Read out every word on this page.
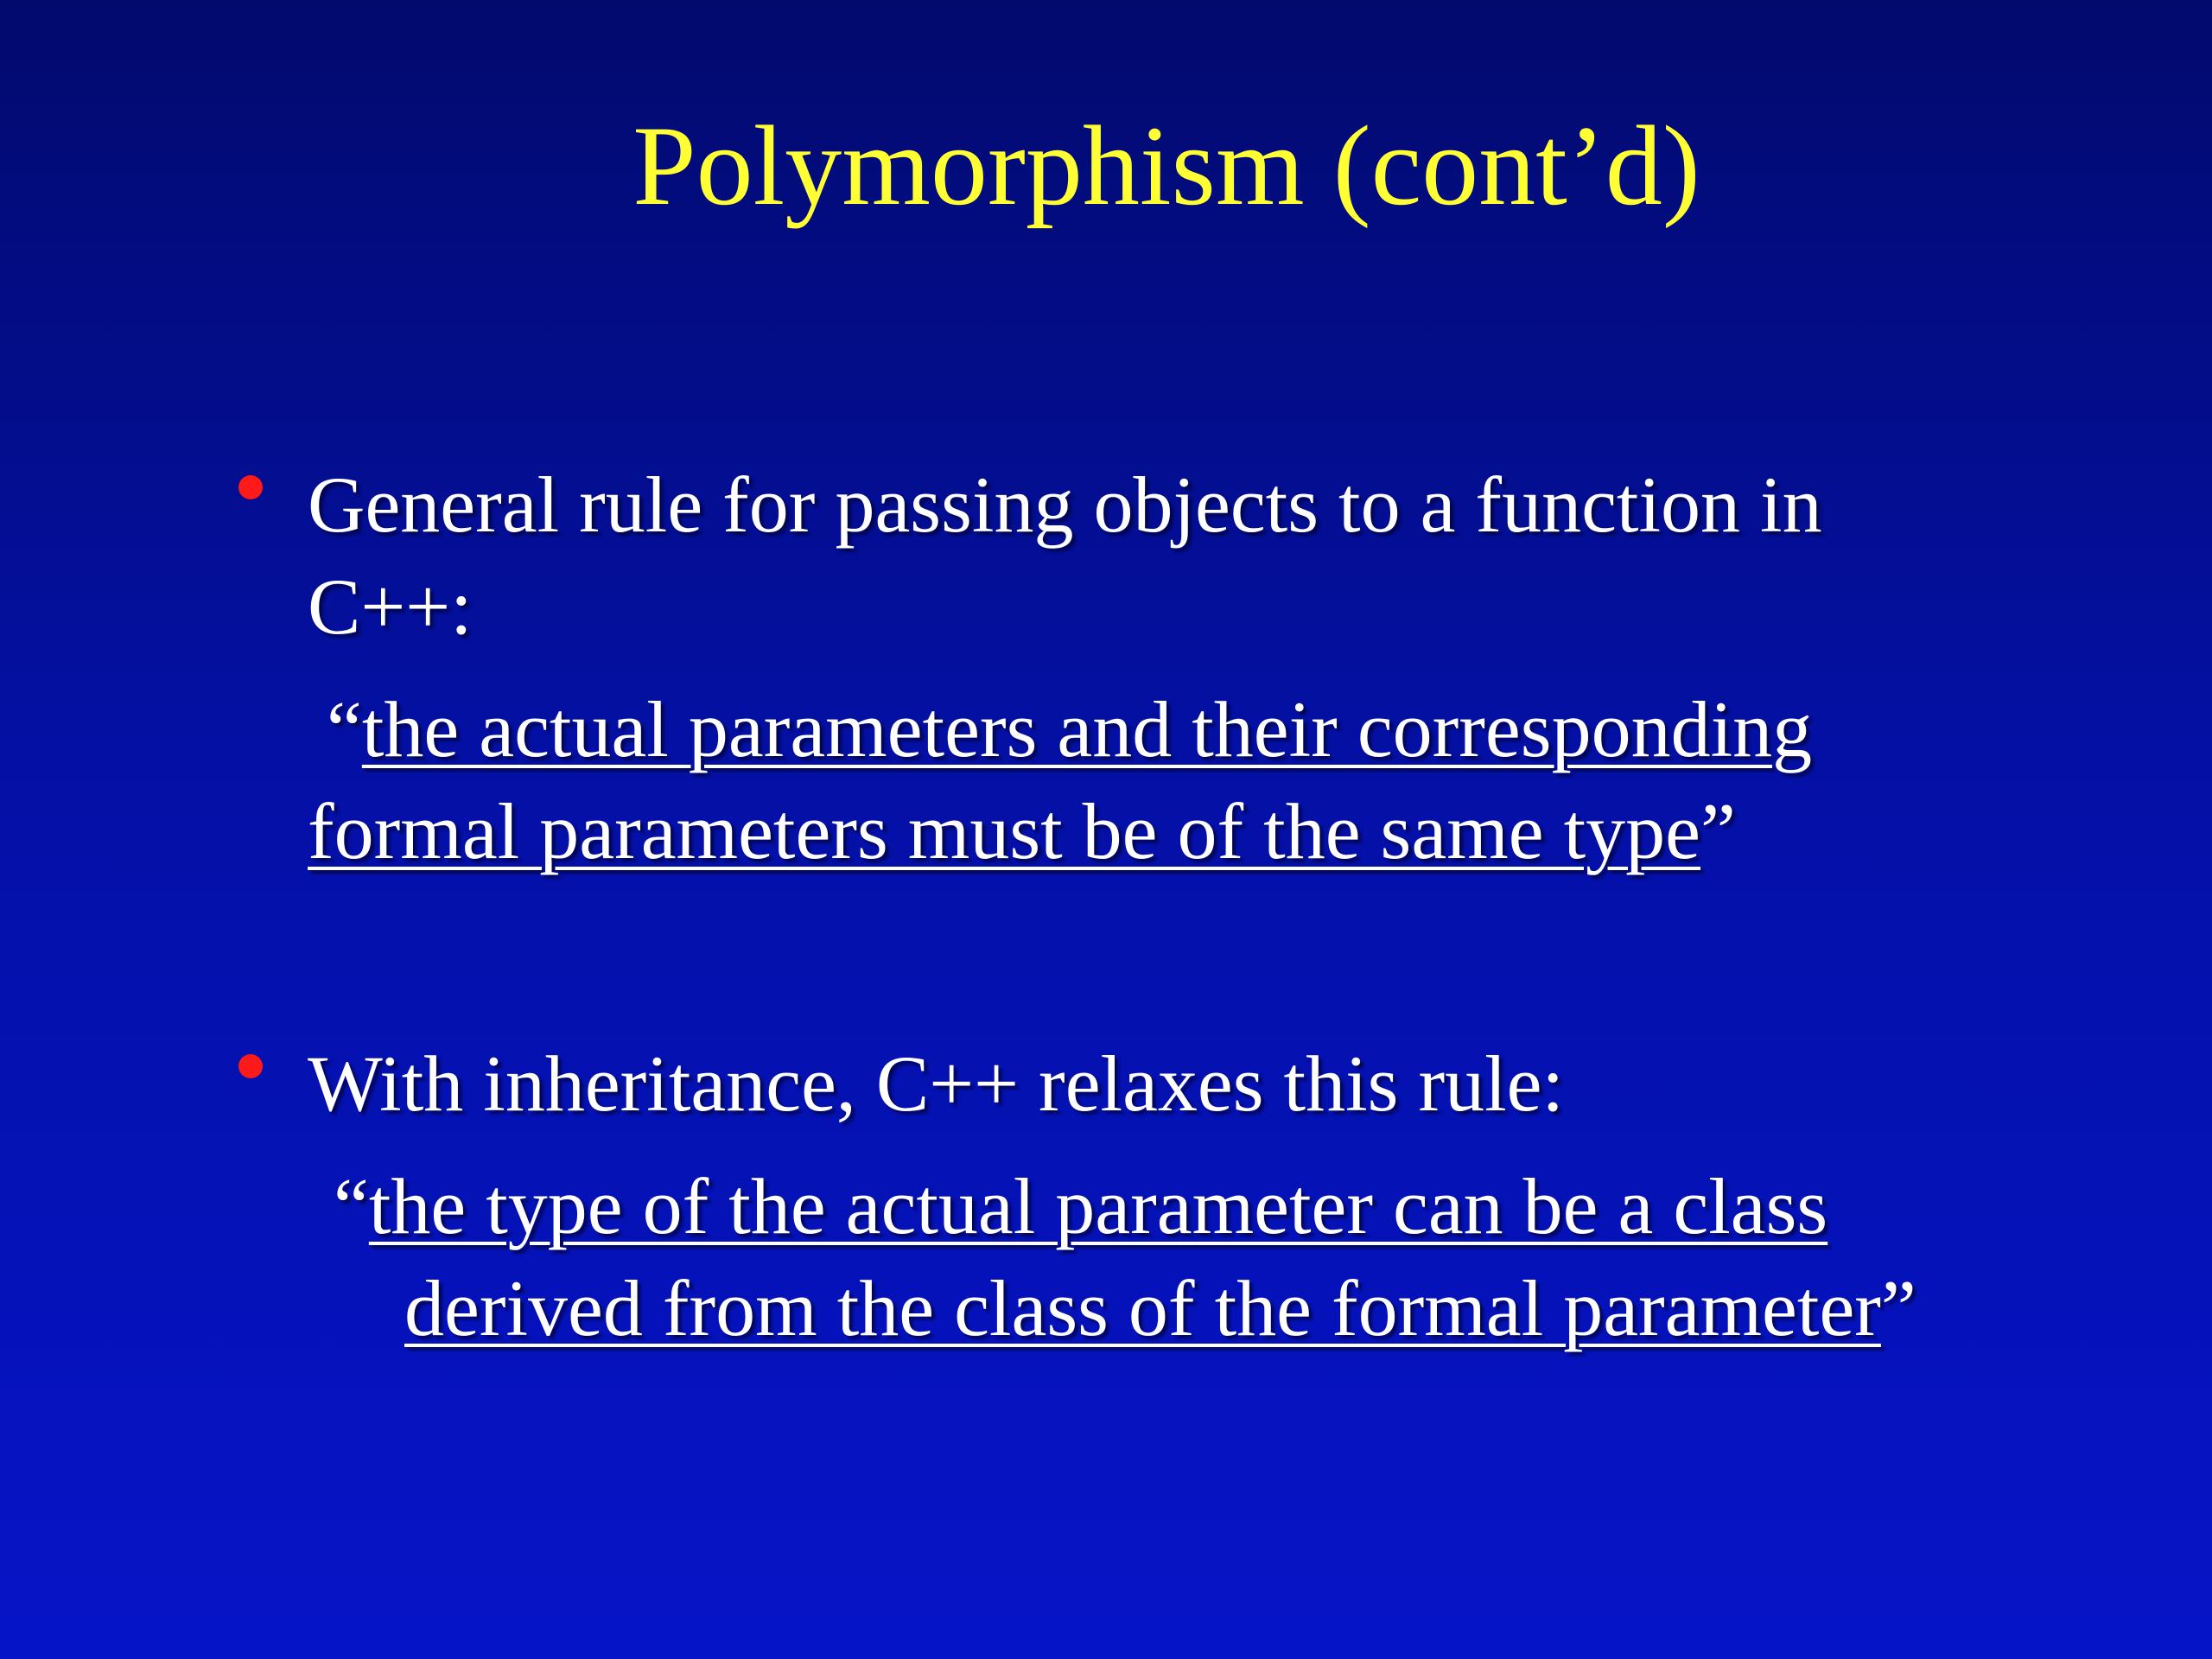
Polymorphism (cont’d)
General rule for passing objects to a function in
C++:
“the actual parameters and their corresponding
formal parameters must be of the same type”
With inheritance, C++ relaxes this rule:
“the type of the actual parameter can be a class
derived from the class of the formal parameter”
